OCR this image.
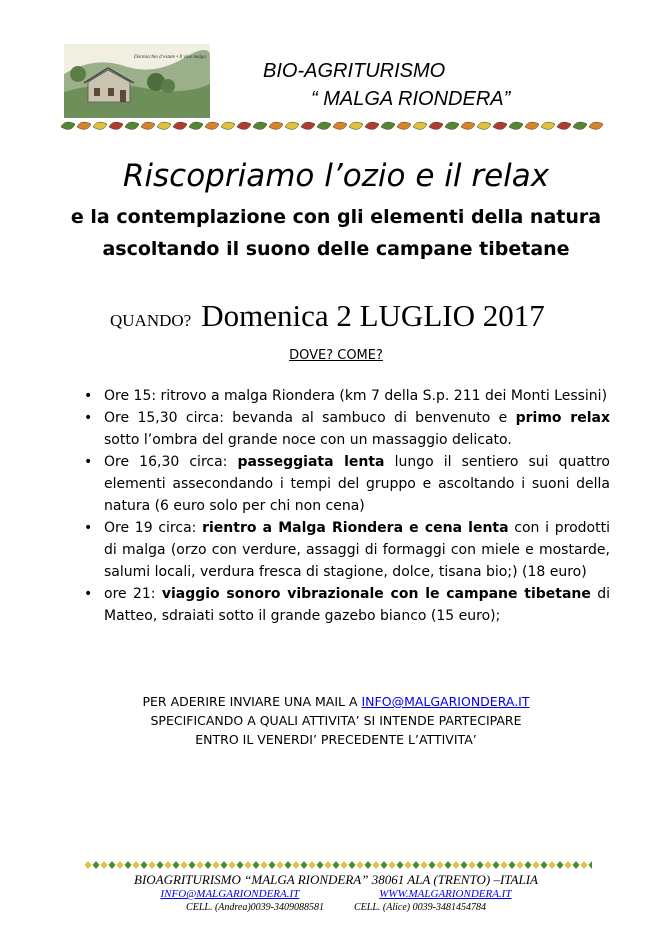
Dormicchio d’estate • Il vino malga
BIO-AGRITURISMO
“ MALGA RIONDERA”
Riscopriamo l’ozio e il relax
e la contemplazione con gli elementi della natura
ascoltando il suono delle campane tibetane
QUANDO? Domenica 2 LUGLIO 2017
DOVE? COME?
• Ore 15: ritrovo a malga Riondera (km 7 della S.p. 211 dei Monti Lessini)
• Ore 15,30 circa: bevanda al sambuco di benvenuto e primo relax sotto l’ombra del grande noce con un massaggio delicato.
• Ore 16,30 circa: passeggiata lenta lungo il sentiero sui quattro elementi assecondando i tempi del gruppo e ascoltando i suoni della natura (6 euro solo per chi non cena)
• Ore 19 circa: rientro a Malga Riondera e cena lenta con i prodotti di malga (orzo con verdure, assaggi di formaggi con miele e mostarde, salumi locali, verdura fresca di stagione, dolce, tisana bio;) (18 euro)
• ore 21: viaggio sonoro vibrazionale con le campane tibetane di Matteo, sdraiati sotto il grande gazebo bianco (15 euro);
PER ADERIRE INVIARE UNA MAIL A INFO@MALGARIONDERA.IT
SPECIFICANDO A QUALI ATTIVITA’ SI INTENDE PARTECIPARE
ENTRO IL VENERDI’ PRECEDENTE L’ATTIVITA’
BIOAGRITURISMO “MALGA RIONDERA” 38061 ALA (TRENTO) –ITALIA
INFO@MALGARIONDERA.IT	WWW.MALGARIONDERA.IT
CELL. (Andrea)0039-3409088581	CELL. (Alice) 0039-3481454784
